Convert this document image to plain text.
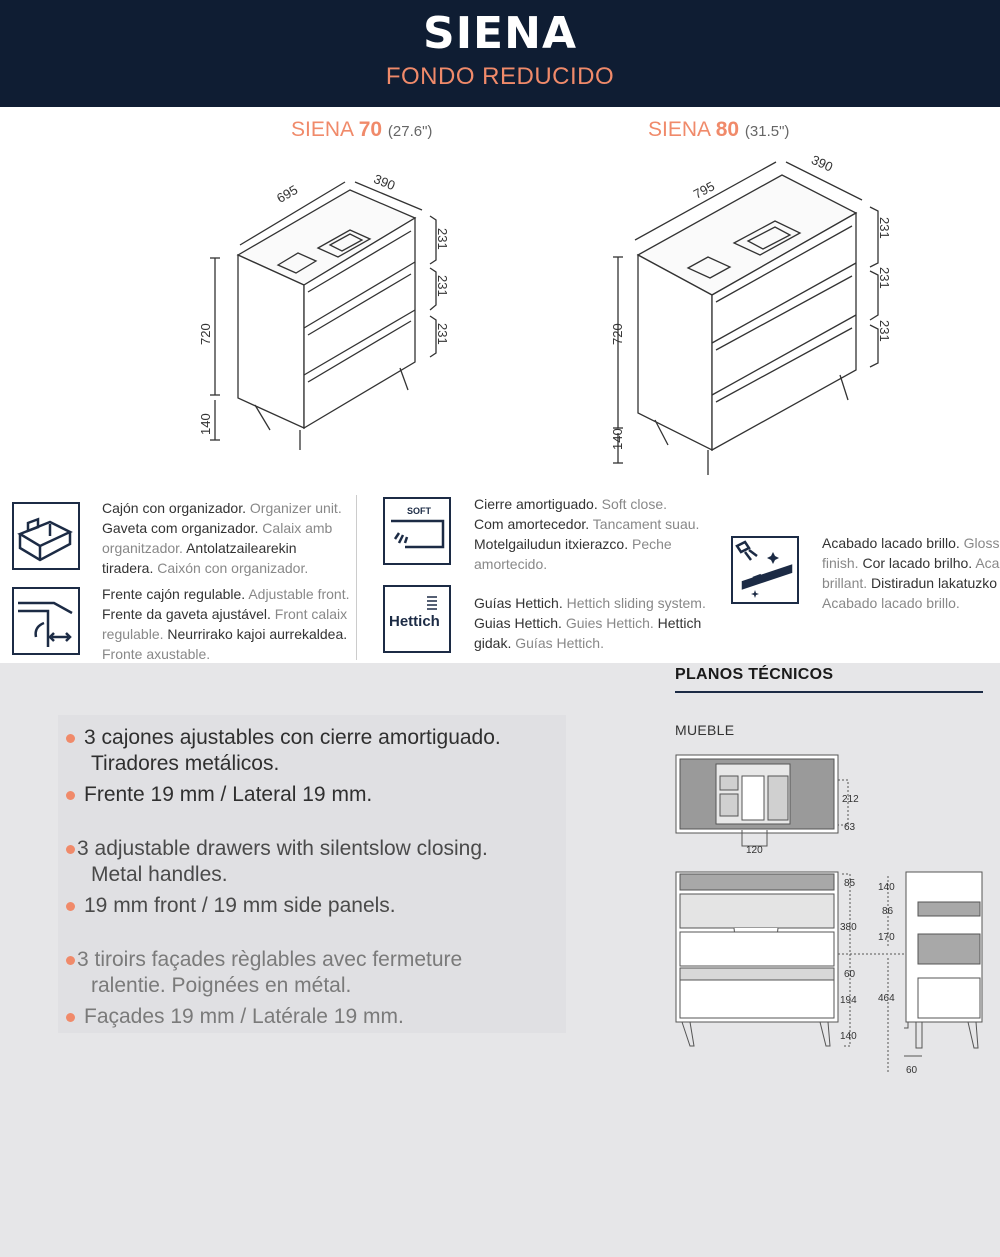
SIENA
FONDO REDUCIDO
SIENA 70 (27.6")	SIENA 80 (31.5")
695	390
720
140
231
231
231
795
390
720
140
231
231
231
Cajón con organizador. Organizer unit.
Gaveta com organizador. Calaix amb
organitzador. Antolatzailearekin
tiradera. Caixón con organizador.
Frente cajón regulable. Adjustable front.
Frente da gaveta ajustável. Front calaix
regulable. Neurrirako kajoi aurrekaldea.
Fronte axustable.
SOFT	Cierre amortiguado. Soft close.
Com amortecedor. Tancament suau.
Motelgailudun itxierazco. Peche
amortecido.
Hettich
Guías Hettich. Hettich sliding system.
Guias Hettich. Guies Hettich. Hettich
gidak. Guías Hettich.
Acabado lacado brillo. Gloss
finish. Cor lacado brilho. Aca
brillant. Distiradun lakatuzko
Acabado lacado brillo.
3 cajones ajustables con cierre amortiguado.
Tiradores metálicos.
Frente 19 mm / Lateral 19 mm.
3 adjustable drawers with silentslow closing.
Metal handles.
19 mm front / 19 mm side panels.
3 tiroirs façades règlables avec fermeture
ralentie. Poignées en métal.
Façades 19 mm / Latérale 19 mm.
PLANOS TÉCNICOS
MUEBLE
212
63
120
85
380
60
194
140
140
86
170
464
60
